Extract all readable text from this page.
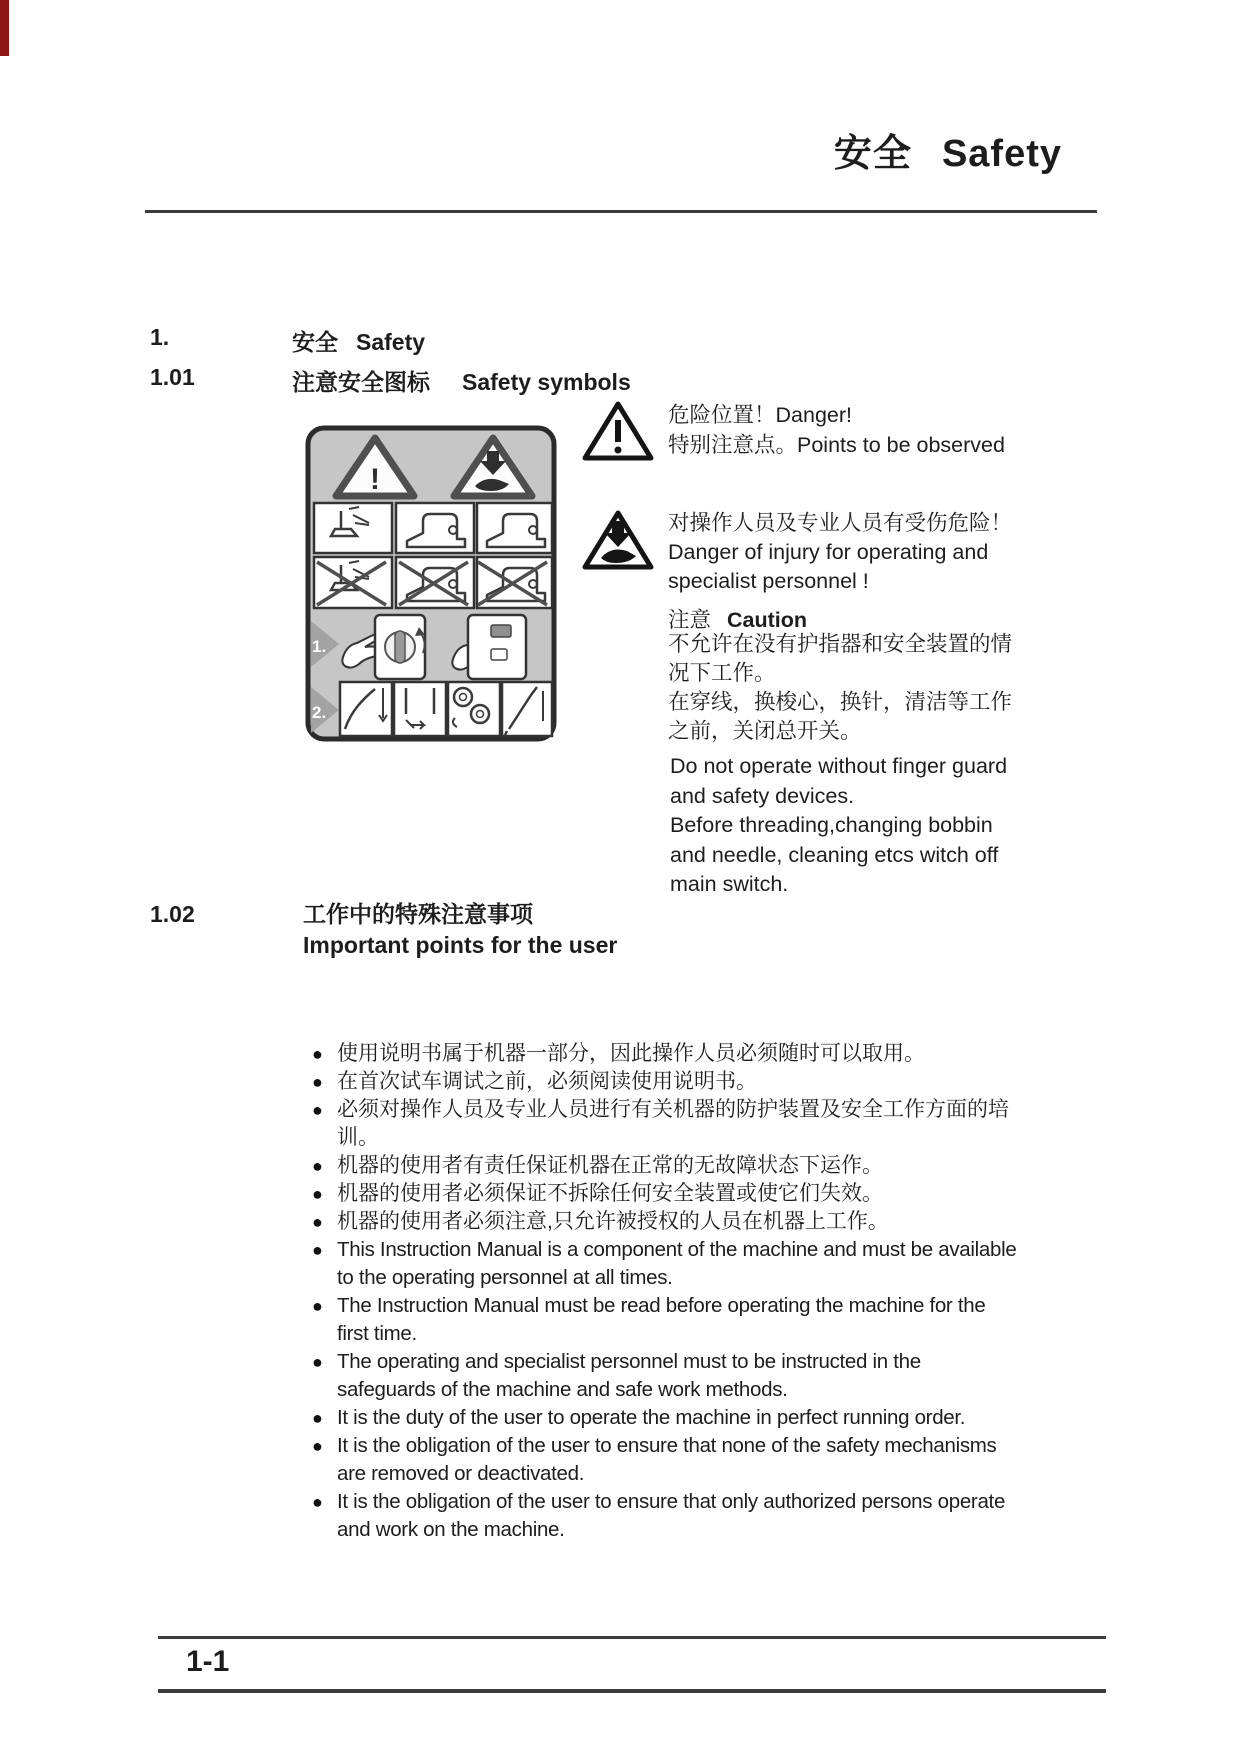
安全 Safety
1.	安全 Safety
1.01	注意安全图标 Safety symbols
!
1.
2.
危险位置！Danger!
特别注意点。Points to be observed
对操作人员及专业人员有受伤危险！
Danger of injury for operating and
specialist personnel !
注意 Caution
不允许在没有护指器和安全装置的情
况下工作。
在穿线，换梭心，换针，清洁等工作
之前，关闭总开关。
Do not operate without finger guard
and safety devices.
Before threading,changing bobbin
and needle, cleaning etcs witch off
main switch.
1.02	工作中的特殊注意事项
Important points for the user
● 使用说明书属于机器一部分，因此操作人员必须随时可以取用。
● 在首次试车调试之前，必须阅读使用说明书。
● 必须对操作人员及专业人员进行有关机器的防护装置及安全工作方面的培训。
● 机器的使用者有责任保证机器在正常的无故障状态下运作。
● 机器的使用者必须保证不拆除任何安全装置或使它们失效。
● 机器的使用者必须注意,只允许被授权的人员在机器上工作。
● This Instruction Manual is a component of the machine and must be available to the operating personnel at all times.
● The Instruction Manual must be read before operating the machine for the first time.
● The operating and specialist personnel must to be instructed in the safeguards of the machine and safe work methods.
● It is the duty of the user to operate the machine in perfect running order.
● It is the obligation of the user to ensure that none of the safety mechanisms are removed or deactivated.
● It is the obligation of the user to ensure that only authorized persons operate and work on the machine.
1-1
